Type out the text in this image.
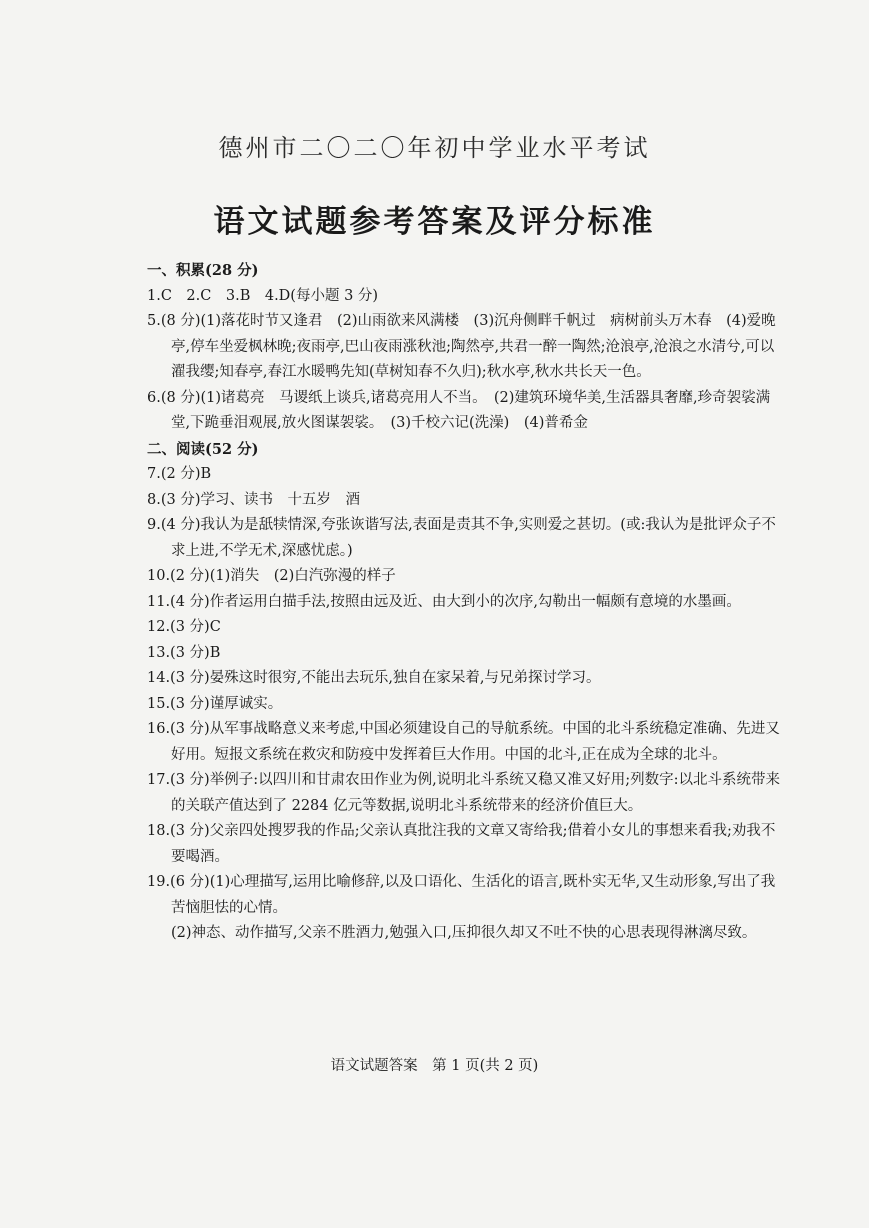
德州市二〇二〇年初中学业水平考试
语文试题参考答案及评分标准
一、积累(28 分)
1.C　2.C　3.B　4.D(每小题 3 分)
5.(8 分)(1)落花时节又逢君　(2)山雨欲来风满楼　(3)沉舟侧畔千帆过　病树前头万木春　(4)爱晚亭,停车坐爱枫林晚;夜雨亭,巴山夜雨涨秋池;陶然亭,共君一醉一陶然;沧浪亭,沧浪之水清兮,可以濯我缨;知春亭,春江水暖鸭先知(草树知春不久归);秋水亭,秋水共长天一色。
6.(8 分)(1)诸葛亮　马谡纸上谈兵,诸葛亮用人不当。　(2)建筑环境华美,生活器具奢靡,珍奇袈裟满堂,下跪垂泪观展,放火图谋袈裟。　(3)千校六记(洗澡)　(4)普希金
二、阅读(52 分)
7.(2 分)B
8.(3 分)学习、读书　十五岁　酒
9.(4 分)我认为是舐犊情深,夸张诙谐写法,表面是责其不争,实则爱之甚切。(或:我认为是批评众子不求上进,不学无术,深感忧虑。)
10.(2 分)(1)消失　(2)白汽弥漫的样子
11.(4 分)作者运用白描手法,按照由远及近、由大到小的次序,勾勒出一幅颇有意境的水墨画。
12.(3 分)C
13.(3 分)B
14.(3 分)晏殊这时很穷,不能出去玩乐,独自在家呆着,与兄弟探讨学习。
15.(3 分)谨厚诚实。
16.(3 分)从军事战略意义来考虑,中国必须建设自己的导航系统。中国的北斗系统稳定准确、先进又好用。短报文系统在救灾和防疫中发挥着巨大作用。中国的北斗,正在成为全球的北斗。
17.(3 分)举例子:以四川和甘肃农田作业为例,说明北斗系统又稳又准又好用;列数字:以北斗系统带来的关联产值达到了 2284 亿元等数据,说明北斗系统带来的经济价值巨大。
18.(3 分)父亲四处搜罗我的作品;父亲认真批注我的文章又寄给我;借着小女儿的事想来看我;劝我不要喝酒。
19.(6 分)(1)心理描写,运用比喻修辞,以及口语化、生活化的语言,既朴实无华,又生动形象,写出了我苦恼胆怯的心情。
(2)神态、动作描写,父亲不胜酒力,勉强入口,压抑很久却又不吐不快的心思表现得淋漓尽致。
语文试题答案　第 1 页(共 2 页)
